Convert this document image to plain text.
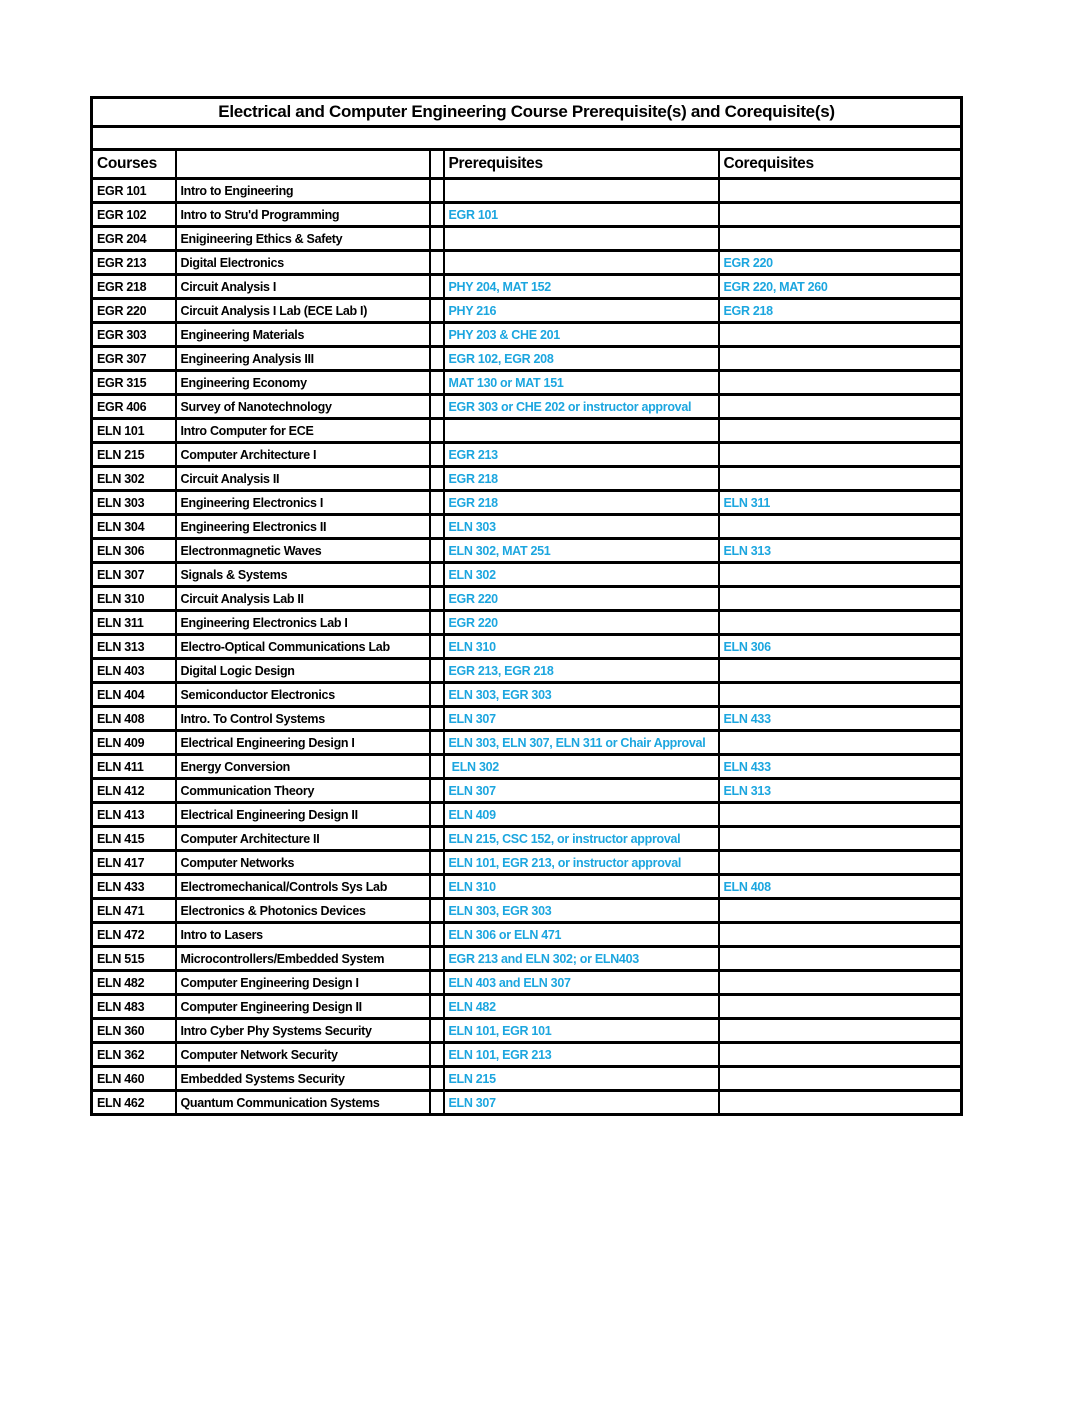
Electrical and Computer Engineering Course Prerequisite(s) and Corequisite(s)				

Courses			Prerequisites	Corequisites
EGR 101	Intro to Engineering			
EGR 102	Intro to Stru'd Programming		EGR 101	
EGR 204	Enigineering Ethics & Safety			
EGR 213	Digital Electronics			EGR 220
EGR 218	Circuit Analysis I		PHY 204, MAT 152	EGR 220, MAT 260
EGR 220	Circuit Analysis I Lab (ECE Lab I)		PHY 216	EGR 218
EGR 303	Engineering Materials		PHY 203 & CHE 201	
EGR 307	Engineering Analysis III		EGR 102, EGR 208	
EGR 315	Engineering Economy		MAT 130 or MAT 151	
EGR 406	Survey of Nanotechnology		EGR 303 or CHE 202 or instructor approval	
ELN 101	Intro Computer for ECE			
ELN 215	Computer Architecture I		EGR 213	
ELN 302	Circuit Analysis II		EGR 218	
ELN 303	Engineering Electronics I		EGR 218	ELN 311
ELN 304	Engineering Electronics II		ELN 303	
ELN 306	Electronmagnetic Waves		ELN 302, MAT 251	ELN 313
ELN 307	Signals & Systems		ELN 302	
ELN 310	Circuit Analysis Lab II		EGR 220	
ELN 311	Engineering Electronics Lab I		EGR 220	
ELN 313	Electro-Optical Communications Lab		ELN 310	ELN 306
ELN 403	Digital Logic Design		EGR 213, EGR 218	
ELN 404	Semiconductor Electronics		ELN 303, EGR 303	
ELN 408	Intro. To Control Systems		ELN 307	ELN 433
ELN 409	Electrical Engineering Design I		ELN 303, ELN 307, ELN 311 or Chair Approval	
ELN 411	Energy Conversion		ELN 302	ELN 433
ELN 412	Communication Theory		ELN 307	ELN 313
ELN 413	Electrical Engineering Design II		ELN 409	
ELN 415	Computer Architecture II		ELN 215, CSC 152, or instructor approval	
ELN 417	Computer Networks		ELN 101, EGR 213, or instructor approval	
ELN 433	Electromechanical/Controls Sys Lab		ELN 310	ELN 408
ELN 471	Electronics & Photonics Devices		ELN 303, EGR 303	
ELN 472	Intro to Lasers		ELN 306 or ELN 471	
ELN 515	Microcontrollers/Embedded System		EGR 213 and ELN 302; or ELN403	
ELN 482	Computer Engineering Design I		ELN 403 and ELN 307	
ELN 483	Computer Engineering Design II		ELN 482	
ELN 360	Intro Cyber Phy Systems Security		ELN 101, EGR 101	
ELN 362	Computer Network Security		ELN 101, EGR 213	
ELN 460	Embedded Systems Security		ELN 215	
ELN 462	Quantum Communication Systems		ELN 307	
